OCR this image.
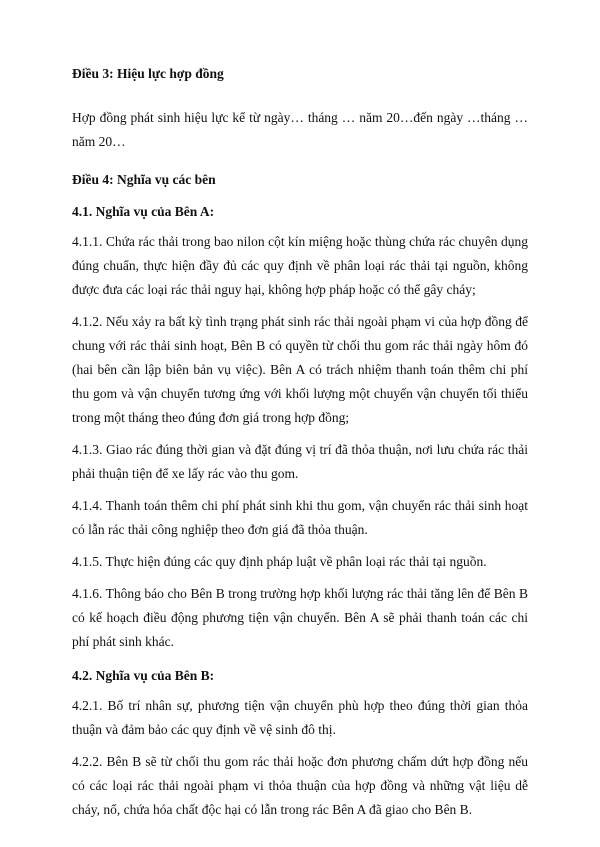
Điều 3: Hiệu lực hợp đồng

Hợp đồng phát sinh hiệu lực kể từ ngày… tháng … năm 20…đến ngày …tháng …năm 20…

Điều 4: Nghĩa vụ các bên
4.1. Nghĩa vụ của Bên A:

4.1.1. Chứa rác thải trong bao nilon cột kín miệng hoặc thùng chứa rác chuyên dụng đúng chuẩn, thực hiện đầy đủ các quy định về phân loại rác thải tại nguồn, không được đưa các loại rác thải nguy hại, không hợp pháp hoặc có thể gây cháy;

4.1.2. Nếu xảy ra bất kỳ tình trạng phát sinh rác thải ngoài phạm vi của hợp đồng để chung với rác thải sinh hoạt, Bên B có quyền từ chối thu gom rác thải ngày hôm đó (hai bên cần lập biên bản vụ việc). Bên A có trách nhiệm thanh toán thêm chi phí thu gom và vận chuyển tương ứng với khối lượng một chuyến vận chuyển tối thiểu trong một tháng theo đúng đơn giá trong hợp đồng;

4.1.3. Giao rác đúng thời gian và đặt đúng vị trí đã thỏa thuận, nơi lưu chứa rác thải phải thuận tiện để xe lấy rác vào thu gom.

4.1.4. Thanh toán thêm chi phí phát sinh khi thu gom, vận chuyển rác thải sinh hoạt có lẫn rác thải công nghiệp theo đơn giá đã thỏa thuận.

4.1.5. Thực hiện đúng các quy định pháp luật về phân loại rác thải tại nguồn.

4.1.6. Thông báo cho Bên B trong trường hợp khối lượng rác thải tăng lên để Bên B có kế hoạch điều động phương tiện vận chuyển. Bên A sẽ phải thanh toán các chi phí phát sinh khác.

4.2. Nghĩa vụ của Bên B:

4.2.1. Bố trí nhân sự, phương tiện vận chuyển phù hợp theo đúng thời gian thỏa thuận và đảm bảo các quy định về vệ sinh đô thị.

4.2.2. Bên B sẽ từ chối thu gom rác thải hoặc đơn phương chấm dứt hợp đồng nếu có các loại rác thải ngoài phạm vi thỏa thuận của hợp đồng và những vật liệu dễ cháy, nổ, chứa hóa chất độc hại có lẫn trong rác Bên A đã giao cho Bên B.
